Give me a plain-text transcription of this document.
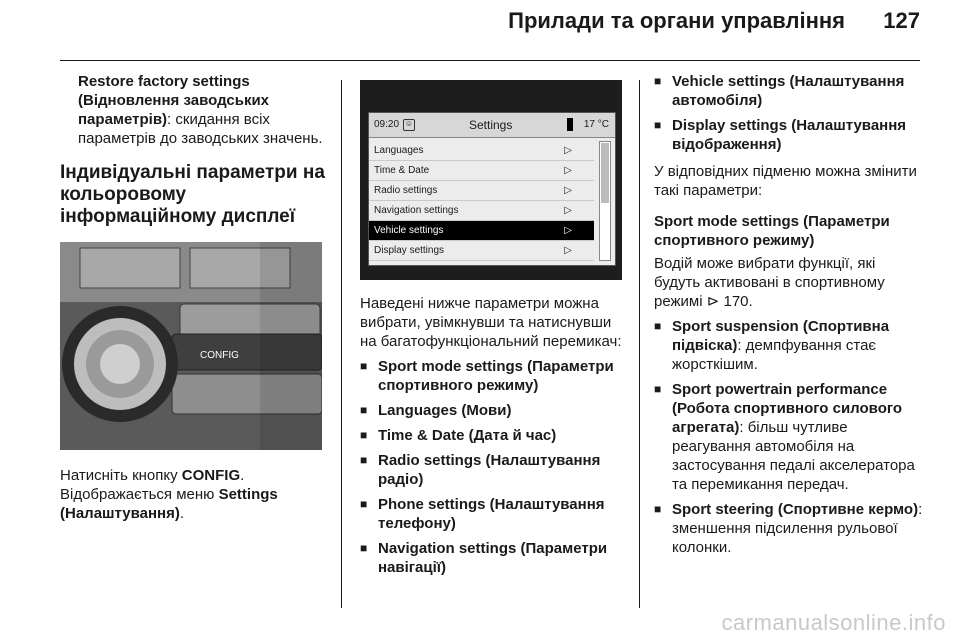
Прилади та органи управління 127

Restore factory settings (Відновлення заводських параметрів): скидання всіх параметрів до заводських значень.

Індивідуальні параметри на кольоровому інформаційному дисплеї
CONFIG

Натисніть кнопку CONFIG. Відображається меню Settings (Налаштування).

09:20 ☺	Settings	17 °C
Languages	▷
Time & Date	▷
Radio settings	▷
Navigation settings	▷
Vehicle settings	▷
Display settings	▷

Наведені нижче параметри можна вибрати, увімкнувши та натиснувши на багатофункціональний перемикач:

■ Sport mode settings (Параметри спортивного режиму)
■ Languages (Мови)
■ Time & Date (Дата й час)
■ Radio settings (Налаштування радіо)
■ Phone settings (Налаштування телефону)
■ Navigation settings (Параметри навігації)
■ Vehicle settings (Налаштування автомобіля)
■ Display settings (Налаштування відображення)

У відповідних підменю можна змінити такі параметри:

Sport mode settings (Параметри спортивного режиму)

Водій може вибрати функції, які будуть активовані в спортивному режимі ⊳ 170.

■ Sport suspension (Спортивна підвіска): демпфування стає жорсткішим.
■ Sport powertrain performance (Робота спортивного силового агрегата): більш чутливе реагування автомобіля на застосування педалі акселератора та перемикання передач.
■ Sport steering (Спортивне кермо): зменшення підсилення рульової колонки.
carmanualsonline.info
